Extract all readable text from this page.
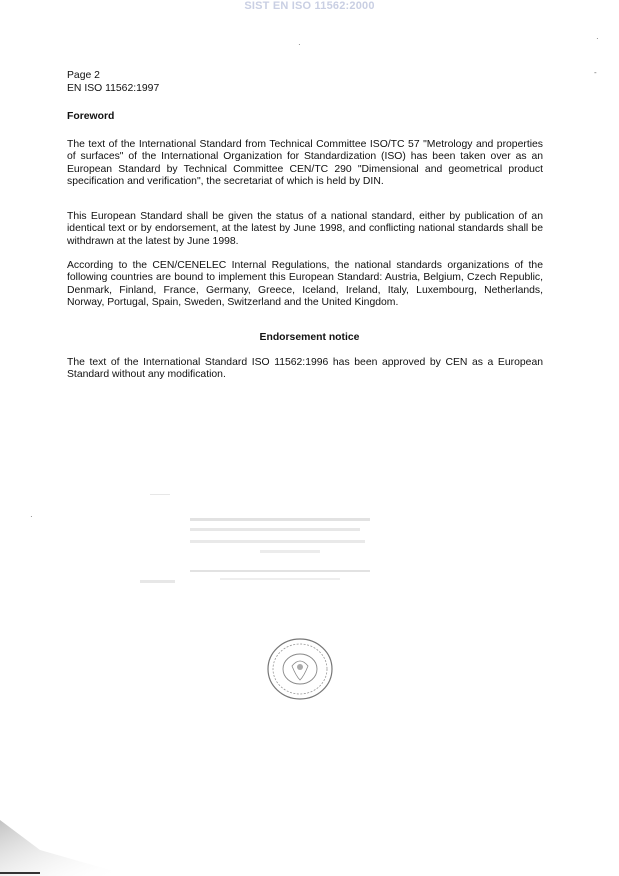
SIST EN ISO 11562:2000
Page 2
EN ISO 11562:1997
Foreword

The text of the International Standard from Technical Committee ISO/TC 57 "Metrology and properties of surfaces" of the International Organization for Standardization (ISO) has been taken over as an European Standard by Technical Committee CEN/TC 290 "Dimensional and geometrical product specification and verification", the secretariat of which is held by DIN.

This European Standard shall be given the status of a national standard, either by publication of an identical text or by endorsement, at the latest by June 1998, and conflicting national standards shall be withdrawn at the latest by June 1998.

According to the CEN/CENELEC Internal Regulations, the national standards organizations of the following countries are bound to implement this European Standard: Austria, Belgium, Czech Republic, Denmark, Finland, France, Germany, Greece, Iceland, Ireland, Italy, Luxembourg, Netherlands, Norway, Portugal, Spain, Sweden, Switzerland and the United Kingdom.

Endorsement notice

The text of the International Standard ISO 11562:1996 has been approved by CEN as a European Standard without any modification.

·
-
·
·
